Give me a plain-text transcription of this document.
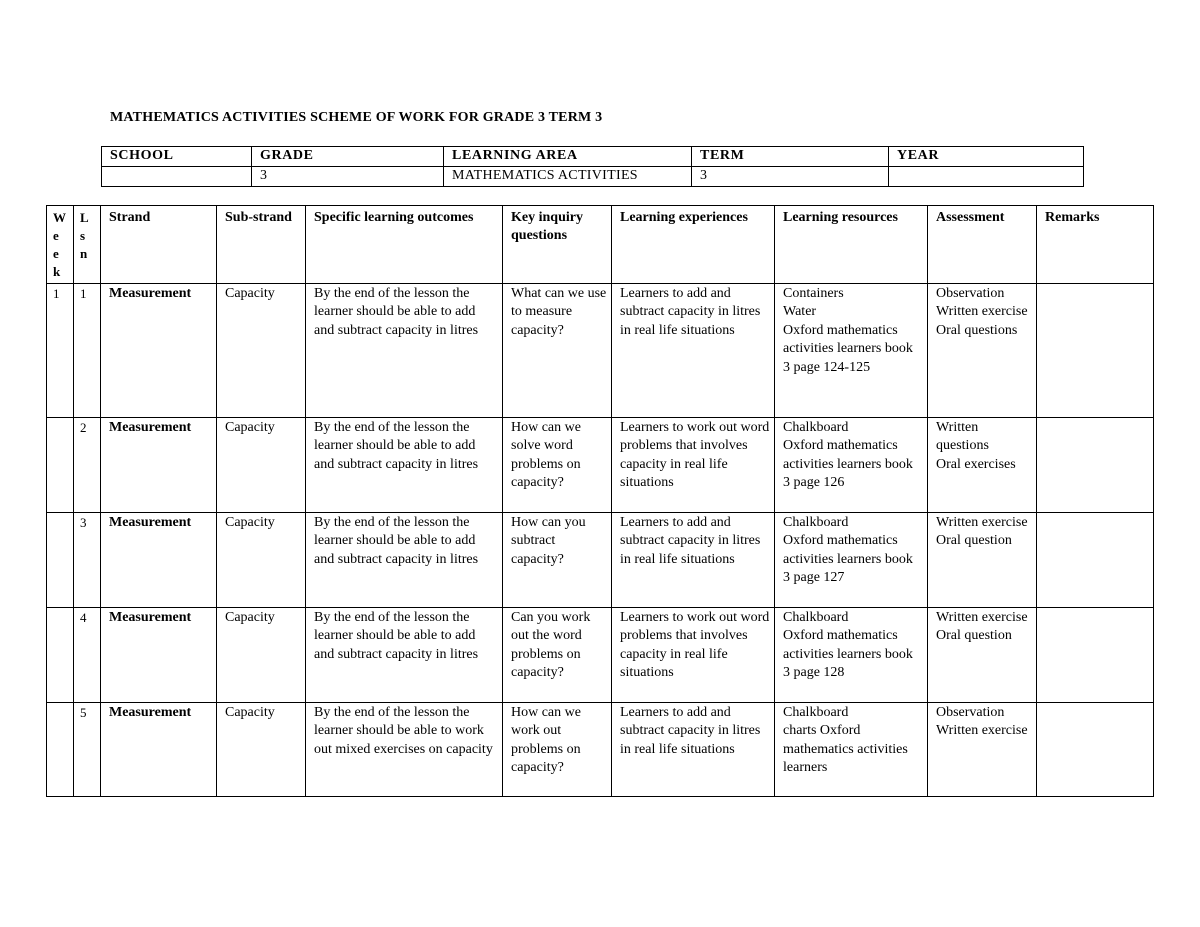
MATHEMATICS ACTIVITIES SCHEME OF WORK FOR GRADE 3 TERM 3
SCHOOL	GRADE	LEARNING AREA	TERM	YEAR
	3	MATHEMATICS ACTIVITIES	3	
Week	Lsn	Strand	Sub-strand	Specific learning outcomes	Key inquiry questions	Learning experiences	Learning resources	Assessment	Remarks
1	1	Measurement	Capacity	By the end of the lesson the learner should be able to add and subtract capacity in litres	What can we use to measure capacity?	Learners to add and subtract capacity in litres in real life situations	Containers
Water
Oxford mathematics activities learners book 3 page 124-125	Observation
Written exercise
Oral questions	
	2	Measurement	Capacity	By the end of the lesson the learner should be able to add and subtract capacity in litres	How can we solve word problems on capacity?	Learners to work out word problems that involves capacity in real life situations	Chalkboard
Oxford mathematics activities learners book 3 page 126	Written questions
Oral exercises	
	3	Measurement	Capacity	By the end of the lesson the learner should be able to add and subtract capacity in litres	How can you subtract capacity?	Learners to add and subtract capacity in litres in real life situations	Chalkboard
Oxford mathematics activities learners book 3 page 127	Written exercise
Oral question	
	4	Measurement	Capacity	By the end of the lesson the learner should be able to add and subtract capacity in litres	Can you work out the word problems on capacity?	Learners to work out word problems that involves capacity in real life situations	Chalkboard
Oxford mathematics activities learners book 3 page 128	Written exercise
Oral question	
	5	Measurement	Capacity	By the end of the lesson the learner should be able to work out mixed exercises on capacity	How can we work out problems on capacity?	Learners to add and subtract capacity in litres in real life situations	Chalkboard
charts Oxford mathematics activities learners	Observation
Written exercise	
